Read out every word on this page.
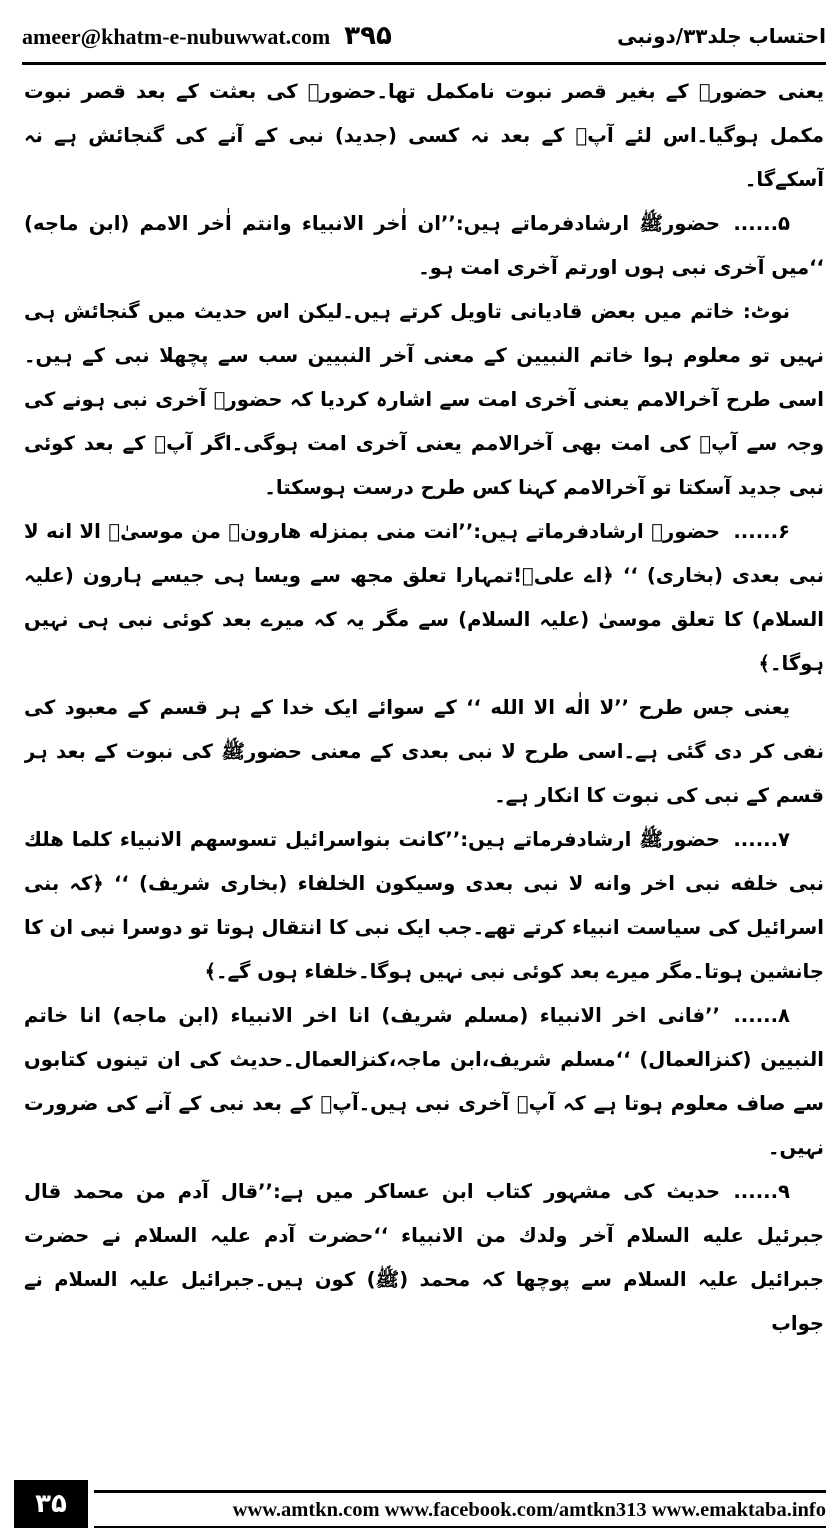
ameer@khatm-e-nubuwwat.com ۳۹۵	احتساب جلد۳۳/دونبی

یعنی حضورﷺ کے بغیر قصر نبوت نامکمل تھا۔حضورﷺ کی بعثت کے بعد قصر نبوت مکمل ہوگیا۔اس لئے آپؐ کے بعد نہ کسی (جدید) نبی کے آنے کی گنجائش ہے نہ آسکےگا۔

۵......حضورﷺ ارشادفرماتے ہیں:’’ان اٰخر الانبیاء وانتم اٰخر الامم (ابن ماجه) ‘‘میں آخری نبی ہوں اورتم آخری امت ہو۔

نوٹ: خاتم میں بعض قادیانی تاویل کرتے ہیں۔لیکن اس حدیث میں گنجائش ہی نہیں تو معلوم ہوا خاتم النبیین کے معنی آخر النبیین سب سے پچھلا نبی کے ہیں۔اسی طرح آخرالامم یعنی آخری امت سے اشارہ کردیا کہ حضورﷺ آخری نبی ہونے کی وجہ سے آپؐ کی امت بھی آخرالامم یعنی آخری امت ہوگی۔اگر آپؐ کے بعد کوئی نبی جدید آسکتا تو آخرالامم کہنا کس طرح درست ہوسکتا۔

۶......حضورﷺ ارشادفرماتے ہیں:’’انت منی بمنزله هارونؑ من موسیٰؑ الا انه لا نبی بعدی (بخاری) ‘‘ ﴿اے علیؓ!تمہارا تعلق مجھ سے ویسا ہی جیسے ہارون (علیہ السلام) کا تعلق موسیٰ (علیہ السلام) سے مگر یہ کہ میرے بعد کوئی نبی ہی نہیں ہوگا۔﴾

یعنی جس طرح ’’لا الٰه الا الله ‘‘ کے سوائے ایک خدا کے ہر قسم کے معبود کی نفی کر دی گئی ہے۔اسی طرح لا نبی بعدی کے معنی حضورﷺ کی نبوت کے بعد ہر قسم کے نبی کی نبوت کا انکار ہے۔

۷......حضورﷺ ارشادفرماتے ہیں:’’كانت بنواسرائيل تسوسهم الانبياء كلما هلك نبى خلفه نبى اخر وانه لا نبى بعدى وسيكون الخلفاء (بخاری شریف) ‘‘ ﴿کہ بنی اسرائیل کی سیاست انبیاء کرتے تھے۔جب ایک نبی کا انتقال ہوتا تو دوسرا نبی ان کا جانشین ہوتا۔مگر میرے بعد کوئی نبی نہیں ہوگا۔خلفاء ہوں گے۔﴾

۸......’’فانى اخر الانبياء (مسلم شریف) انا اخر الانبياء (ابن ماجه) انا خاتم النبيين (کنزالعمال) ‘‘مسلم شریف،ابن ماجہ،کنزالعمال۔حدیث کی ان تینوں کتابوں سے صاف معلوم ہوتا ہے کہ آپؐ آخری نبی ہیں۔آپؐ کے بعد نبی کے آنے کی ضرورت نہیں۔

۹......حدیث کی مشہور کتاب ابن عساکر میں ہے:’’قال آدم من محمد قال جبرئیل علیه السلام آخر ولدك من الانبياء ‘‘حضرت آدم علیہ السلام نے حضرت جبرائیل علیہ السلام سے پوچھا کہ محمد (ﷺ) کون ہیں۔جبرائیل علیہ السلام نے جواب

۳۵	www.amtkn.com www.facebook.com/amtkn313 www.emaktaba.info
